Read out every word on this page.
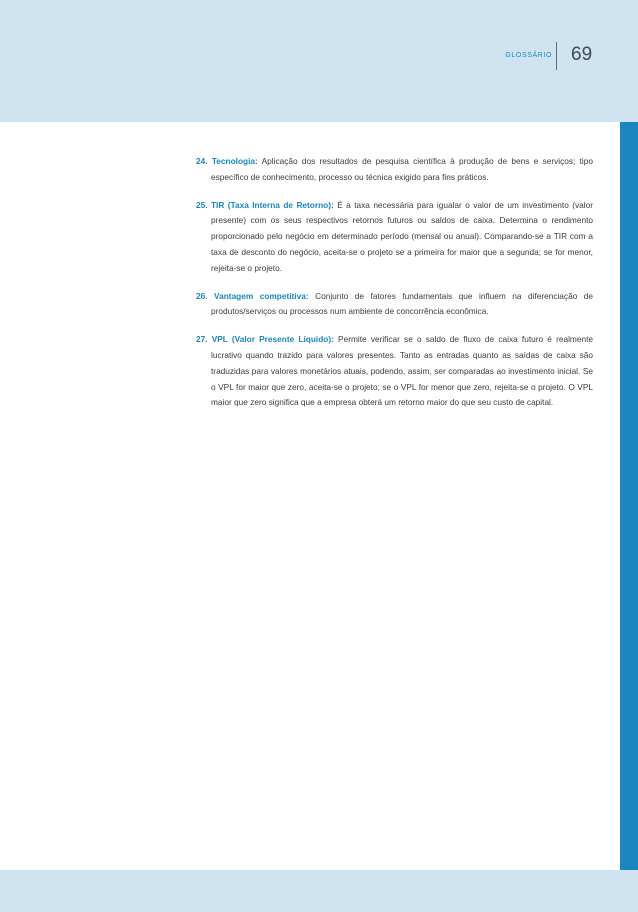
GLOSSÁRIO 69

24. Tecnologia: Aplicação dos resultados de pesquisa científica à produção de bens e serviços; tipo específico de conhecimento, processo ou técnica exigido para fins práticos.

25. TIR (Taxa Interna de Retorno): É a taxa necessária para igualar o valor de um investimento (valor presente) com os seus respectivos retornos futuros ou saldos de caixa. Determina o rendimento proporcionado pelo negócio em determinado período (mensal ou anual). Comparando-se a TIR com a taxa de desconto do negócio, aceita-se o projeto se a primeira for maior que a segunda; se for menor, rejeita-se o projeto.

26. Vantagem competitiva: Conjunto de fatores fundamentais que influem na diferenciação de produtos/serviços ou processos num ambiente de concorrência econômica.

27. VPL (Valor Presente Líquido): Permite verificar se o saldo de fluxo de caixa futuro é realmente lucrativo quando trazido para valores presentes. Tanto as entradas quanto as saídas de caixa são traduzidas para valores monetários atuais, podendo, assim, ser comparadas ao investimento inicial. Se o VPL for maior que zero, aceita-se o projeto; se o VPL for menor que zero, rejeita-se o projeto. O VPL maior que zero significa que a empresa obterá um retorno maior do que seu custo de capital.
